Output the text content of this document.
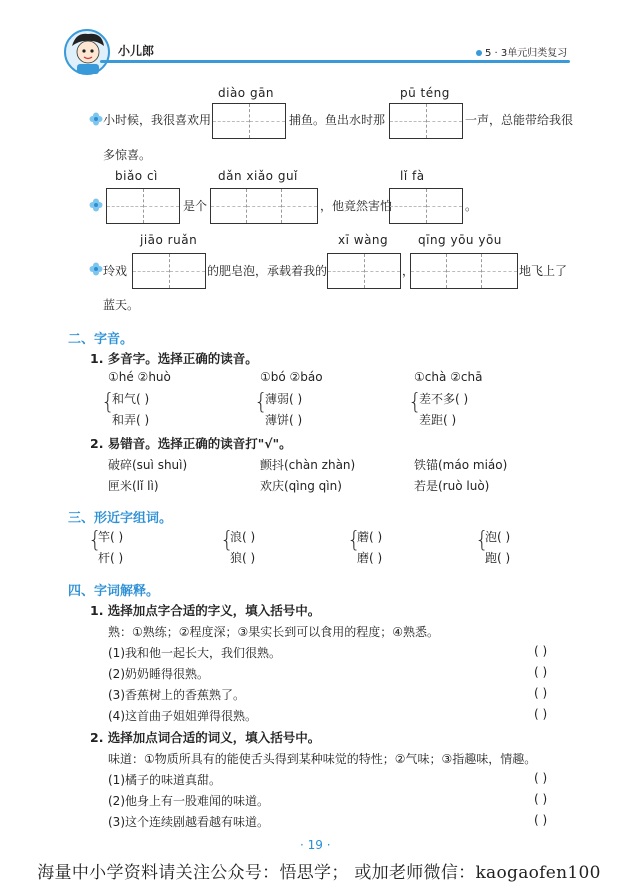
小儿郎	5 · 3单元归类复习
diào gān	pū téng
小时候，我很喜欢用	捕鱼。鱼出水时那	一声，总能带给我很
多惊喜。
biǎo cì	dǎn xiǎo guǐ	lǐ fà
是个	，他竟然害怕	。
jiāo ruǎn	xī wàng qīng yōu yōu
玲戏	的肥皂泡，承载着我的	，	地飞上了
蓝天。
二、字音。
1. 多音字。选择正确的读音。
①hé ②huò
{
和气( )
和弄( )
①bó ②báo
{
薄弱( )
薄饼( )
①chà ②chā
{
差不多( )
差距( )
2. 易错音。选择正确的读音打"√"。
破碎(suì shuì)	颤抖(chàn zhàn)	铁锚(máo miáo)
匣米(lǐ lì)	欢庆(qìng qìn)	若是(ruò luò)
三、形近字组词。
{
竿( )
杆( )
{
浪( )
狼( )
{
蘑( )
磨( )
{
泡( )
跑( )
四、字词解释。
1. 选择加点字合适的字义，填入括号中。
熟：①熟练；②程度深；③果实长到可以食用的程度；④熟悉。
(1)我和他一起长大，我们很熟。	( )
(2)奶奶睡得很熟。	( )
(3)香蕉树上的香蕉熟了。	( )
(4)这首曲子姐姐弹得很熟。	( )
2. 选择加点词合适的词义，填入括号中。
味道：①物质所具有的能使舌头得到某种味觉的特性；②气味；③指趣味，情趣。
(1)橘子的味道真甜。	( )
(2)他身上有一股难闻的味道。	( )
(3)这个连续剧越看越有味道。	( )
· 19 ·
海量中小学资料请关注公众号：悟思学； 或加老师微信：kaogaofen100
